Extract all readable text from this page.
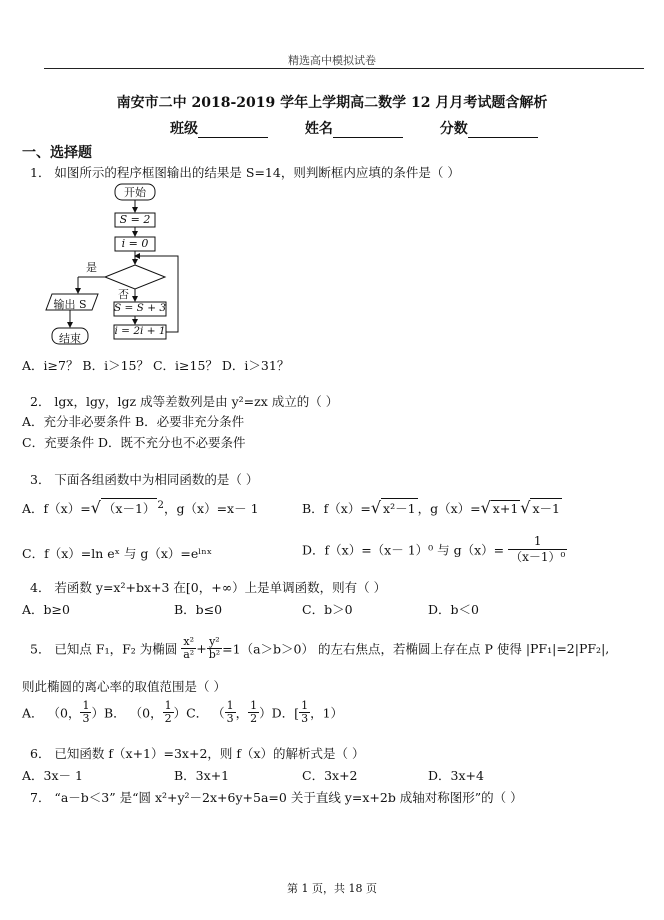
精选高中模拟试卷
南安市二中 2018-2019 学年上学期高二数学 12 月月考试题含解析
班级	姓名	分数
一、选择题
1． 如图所示的程序框图输出的结果是 S=14，则判断框内应填的条件是（ ）
开始
S = 2
i = 0
是
否
输出 S
结束
S = S + 3
i = 2i + 1
A．i≥7？ B．i＞15？ C．i≥15？ D．i＞31？
2． lgx，lgy，lgz 成等差数列是由 y²=zx 成立的（ ）
A．充分非必要条件 B．必要非充分条件
C．充要条件 D．既不充分也不必要条件
3． 下面各组函数中为相同函数的是（ ）
A．f（x）=√ （x－1） $^2$，g（x）=x－ 1	B．f（x）=√ x²－1 ，g（x）=√ x+1 √ x－1
C．f（x）=ln eˣ 与 g（x）=eˡⁿˣ	D．f（x）=（x－ 1）⁰ 与 $g(x)= \frac{1}{\text{（x－1）⁰}}$
4． 若函数 y=x²+bx+3 在[0，+∞）上是单调函数，则有（ ）
A．b≥0	B．b≤0	C．b＞0	D．b＜0
5． 已知点 F₁，F₂ 为椭圆 $\frac{\text{x²}}{\text{a²}} + \frac{\text{y²}}{\text{b²}} =1(a>b>0)$ 的左右焦点，若椭圆上存在点 P 使得 |PF₁|=2|PF₂|,
则此椭圆的离心率的取值范围是（ ）
A． （0， $\frac{1}{3} )B$． （0， $\frac{1}{2} )C$． （ $\frac{1}{3}$ ， $\frac{1}{2} )D$．[ $\frac{1}{3}$ ，1）
6． 已知函数 f（x+1）=3x+2，则 f（x）的解析式是（ ）
A．3x－ 1	B．3x+1	C．3x+2	D．3x+4
7． “a－b＜3” 是“圆 x²+y²－2x+6y+5a=0 关于直线 y=x+2b 成轴对称图形”的（ ）
第 1 页，共 18 页
